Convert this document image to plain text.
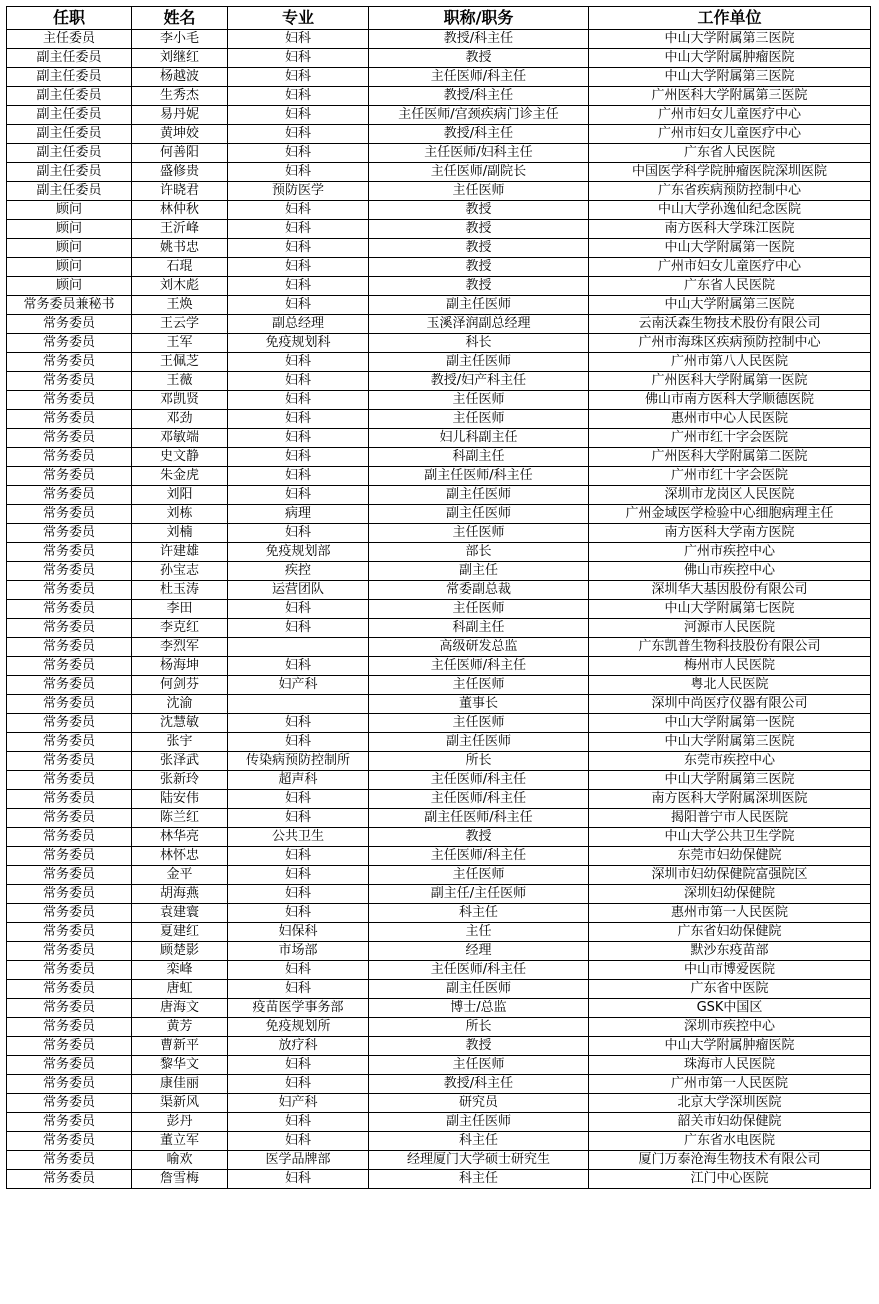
任职	姓名	专业	职称/职务	工作单位
主任委员	李小毛	妇科	教授/科主任	中山大学附属第三医院
副主任委员	刘继红	妇科	教授	中山大学附属肿瘤医院
副主任委员	杨越波	妇科	主任医师/科主任	中山大学附属第三医院
副主任委员	生秀杰	妇科	教授/科主任	广州医科大学附属第三医院
副主任委员	易丹妮	妇科	主任医师/宫颈疾病门诊主任	广州市妇女儿童医疗中心
副主任委员	黄坤姣	妇科	教授/科主任	广州市妇女儿童医疗中心
副主任委员	何善阳	妇科	主任医师/妇科主任	广东省人民医院
副主任委员	盛修贵	妇科	主任医师/副院长	中国医学科学院肿瘤医院深圳医院
副主任委员	许晓君	预防医学	主任医师	广东省疾病预防控制中心
顾问	林仲秋	妇科	教授	中山大学孙逸仙纪念医院
顾问	王沂峰	妇科	教授	南方医科大学珠江医院
顾问	姚书忠	妇科	教授	中山大学附属第一医院
顾问	石琨	妇科	教授	广州市妇女儿童医疗中心
顾问	刘木彪	妇科	教授	广东省人民医院
常务委员兼秘书	王焕	妇科	副主任医师	中山大学附属第三医院
常务委员	王云学	副总经理	玉溪泽润副总经理	云南沃森生物技术股份有限公司
常务委员	王军	免疫规划科	科长	广州市海珠区疾病预防控制中心
常务委员	王佩芝	妇科	副主任医师	广州市第八人民医院
常务委员	王薇	妇科	教授/妇产科主任	广州医科大学附属第一医院
常务委员	邓凯贤	妇科	主任医师	佛山市南方医科大学顺德医院
常务委员	邓劲	妇科	主任医师	惠州市中心人民医院
常务委员	邓敏端	妇科	妇儿科副主任	广州市红十字会医院
常务委员	史文静	妇科	科副主任	广州医科大学附属第二医院
常务委员	朱金虎	妇科	副主任医师/科主任	广州市红十字会医院
常务委员	刘阳	妇科	副主任医师	深圳市龙岗区人民医院
常务委员	刘栋	病理	副主任医师	广州金域医学检验中心细胞病理主任
常务委员	刘楠	妇科	主任医师	南方医科大学南方医院
常务委员	许建雄	免疫规划部	部长	广州市疾控中心
常务委员	孙宝志	疾控	副主任	佛山市疾控中心
常务委员	杜玉涛	运营团队	常委副总裁	深圳华大基因股份有限公司
常务委员	李田	妇科	主任医师	中山大学附属第七医院
常务委员	李克红	妇科	科副主任	河源市人民医院
常务委员	李烈军		高级研发总监	广东凯普生物科技股份有限公司
常务委员	杨海坤	妇科	主任医师/科主任	梅州市人民医院
常务委员	何剑芬	妇产科	主任医师	粤北人民医院
常务委员	沈渝		董事长	深圳中尚医疗仪器有限公司
常务委员	沈慧敏	妇科	主任医师	中山大学附属第一医院
常务委员	张宇	妇科	副主任医师	中山大学附属第三医院
常务委员	张泽武	传染病预防控制所	所长	东莞市疾控中心
常务委员	张新玲	超声科	主任医师/科主任	中山大学附属第三医院
常务委员	陆安伟	妇科	主任医师/科主任	南方医科大学附属深圳医院
常务委员	陈兰红	妇科	副主任医师/科主任	揭阳普宁市人民医院
常务委员	林华亮	公共卫生	教授	中山大学公共卫生学院
常务委员	林怀忠	妇科	主任医师/科主任	东莞市妇幼保健院
常务委员	金平	妇科	主任医师	深圳市妇幼保健院富强院区
常务委员	胡海燕	妇科	副主任/主任医师	深圳妇幼保健院
常务委员	袁建寰	妇科	科主任	惠州市第一人民医院
常务委员	夏建红	妇保科	主任	广东省妇幼保健院
常务委员	顾楚影	市场部	经理	默沙东疫苗部
常务委员	栾峰	妇科	主任医师/科主任	中山市博爱医院
常务委员	唐虹	妇科	副主任医师	广东省中医院
常务委员	唐海文	疫苗医学事务部	博士/总监	GSK中国区
常务委员	黄芳	免疫规划所	所长	深圳市疾控中心
常务委员	曹新平	放疗科	教授	中山大学附属肿瘤医院
常务委员	黎华文	妇科	主任医师	珠海市人民医院
常务委员	康佳丽	妇科	教授/科主任	广州市第一人民医院
常务委员	渠新风	妇产科	研究员	北京大学深圳医院
常务委员	彭丹	妇科	副主任医师	韶关市妇幼保健院
常务委员	董立军	妇科	科主任	广东省水电医院
常务委员	喻欢	医学品牌部	经理厦门大学硕士研究生	厦门万泰沧海生物技术有限公司
常务委员	詹雪梅	妇科	科主任	江门中心医院
